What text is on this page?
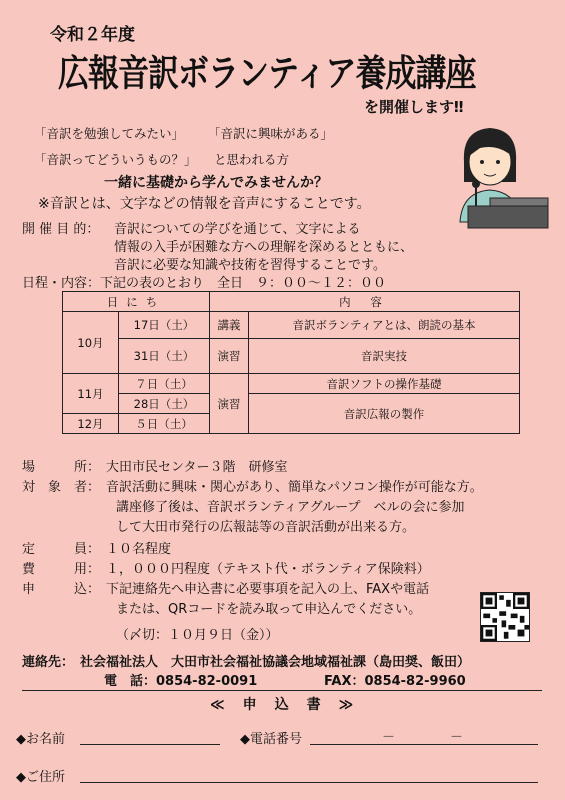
令和２年度
広報音訳ボランティア養成講座
を開催します‼
「音訳を勉強してみたい」 「音訳に興味がある」
「音訳ってどういうもの？」 と思われる方
一緒に基礎から学んでみませんか？
※音訳とは、文字などの情報を音声にすることです。
開 催 目 的： 音訳についての学びを通じて、文字による
情報の入手が困難な方への理解を深めるとともに、
音訳に必要な知識や技術を習得することです。
日程・内容：下記の表のとおり　全日　９：００～１２：００
日にち		内 容	
10月	17日（土）	講義	音訳ボランティアとは、朗読の基本
	31日（土）	演習	音訳実技
11月	７日（土）	演習	音訳ソフトの操作基礎
	28日（土）		音訳広報の製作
12月	５日（土）		
場　　　所： 大田市民センター３階　研修室
対　象　者： 音訳活動に興味・関心があり、簡単なパソコン操作が可能な方。
講座修了後は、音訳ボランティアグループ　ベルの会に参加
して大田市発行の広報誌等の音訳活動が出来る方。
定　　　員： １０名程度
費　　　用： １，０００円程度（テキスト代・ボランティア保険料）
申　　　込： 下記連絡先へ申込書に必要事項を記入の上、FAXや電話
または、QRコードを読み取って申込んでください。
（〆切：１０月９日（金））
連絡先： 社会福祉法人　大田市社会福祉協議会地域福祉課（島田奨、飯田）
電　話：0854-82-0091	FAX：0854-82-9960
≪　申　込　書　≫
◆お名前	◆電話番号	－	－
◆ご住所
